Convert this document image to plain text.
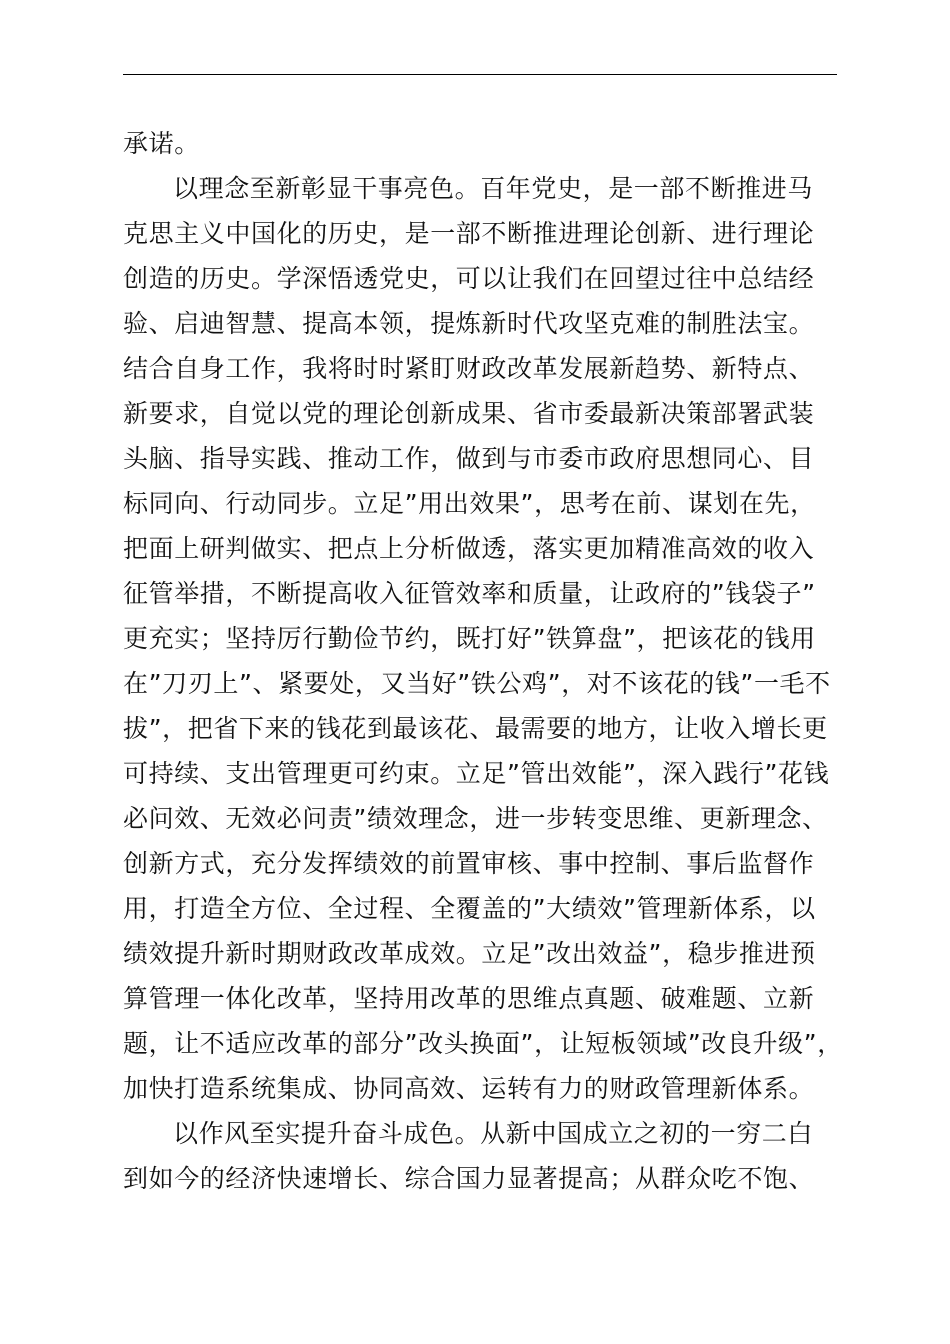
承诺。
以理念至新彰显干事亮色。百年党史，是一部不断推进马
克思主义中国化的历史，是一部不断推进理论创新、进行理论
创造的历史。学深悟透党史，可以让我们在回望过往中总结经
验、启迪智慧、提高本领，提炼新时代攻坚克难的制胜法宝。
结合自身工作，我将时时紧盯财政改革发展新趋势、新特点、
新要求，自觉以党的理论创新成果、省市委最新决策部署武装
头脑、指导实践、推动工作，做到与市委市政府思想同心、目
标同向、行动同步。立足”用出效果”，思考在前、谋划在先，
把面上研判做实、把点上分析做透，落实更加精准高效的收入
征管举措，不断提高收入征管效率和质量，让政府的”钱袋子”
更充实；坚持厉行勤俭节约，既打好”铁算盘”，把该花的钱用
在”刀刃上”、紧要处，又当好”铁公鸡”，对不该花的钱”一毛不
拔”，把省下来的钱花到最该花、最需要的地方，让收入增长更
可持续、支出管理更可约束。立足”管出效能”，深入践行”花钱
必问效、无效必问责”绩效理念，进一步转变思维、更新理念、
创新方式，充分发挥绩效的前置审核、事中控制、事后监督作
用，打造全方位、全过程、全覆盖的”大绩效”管理新体系，以
绩效提升新时期财政改革成效。立足”改出效益”，稳步推进预
算管理一体化改革，坚持用改革的思维点真题、破难题、立新
题，让不适应改革的部分”改头换面”，让短板领域”改良升级”，
加快打造系统集成、协同高效、运转有力的财政管理新体系。
以作风至实提升奋斗成色。从新中国成立之初的一穷二白
到如今的经济快速增长、综合国力显著提高；从群众吃不饱、
